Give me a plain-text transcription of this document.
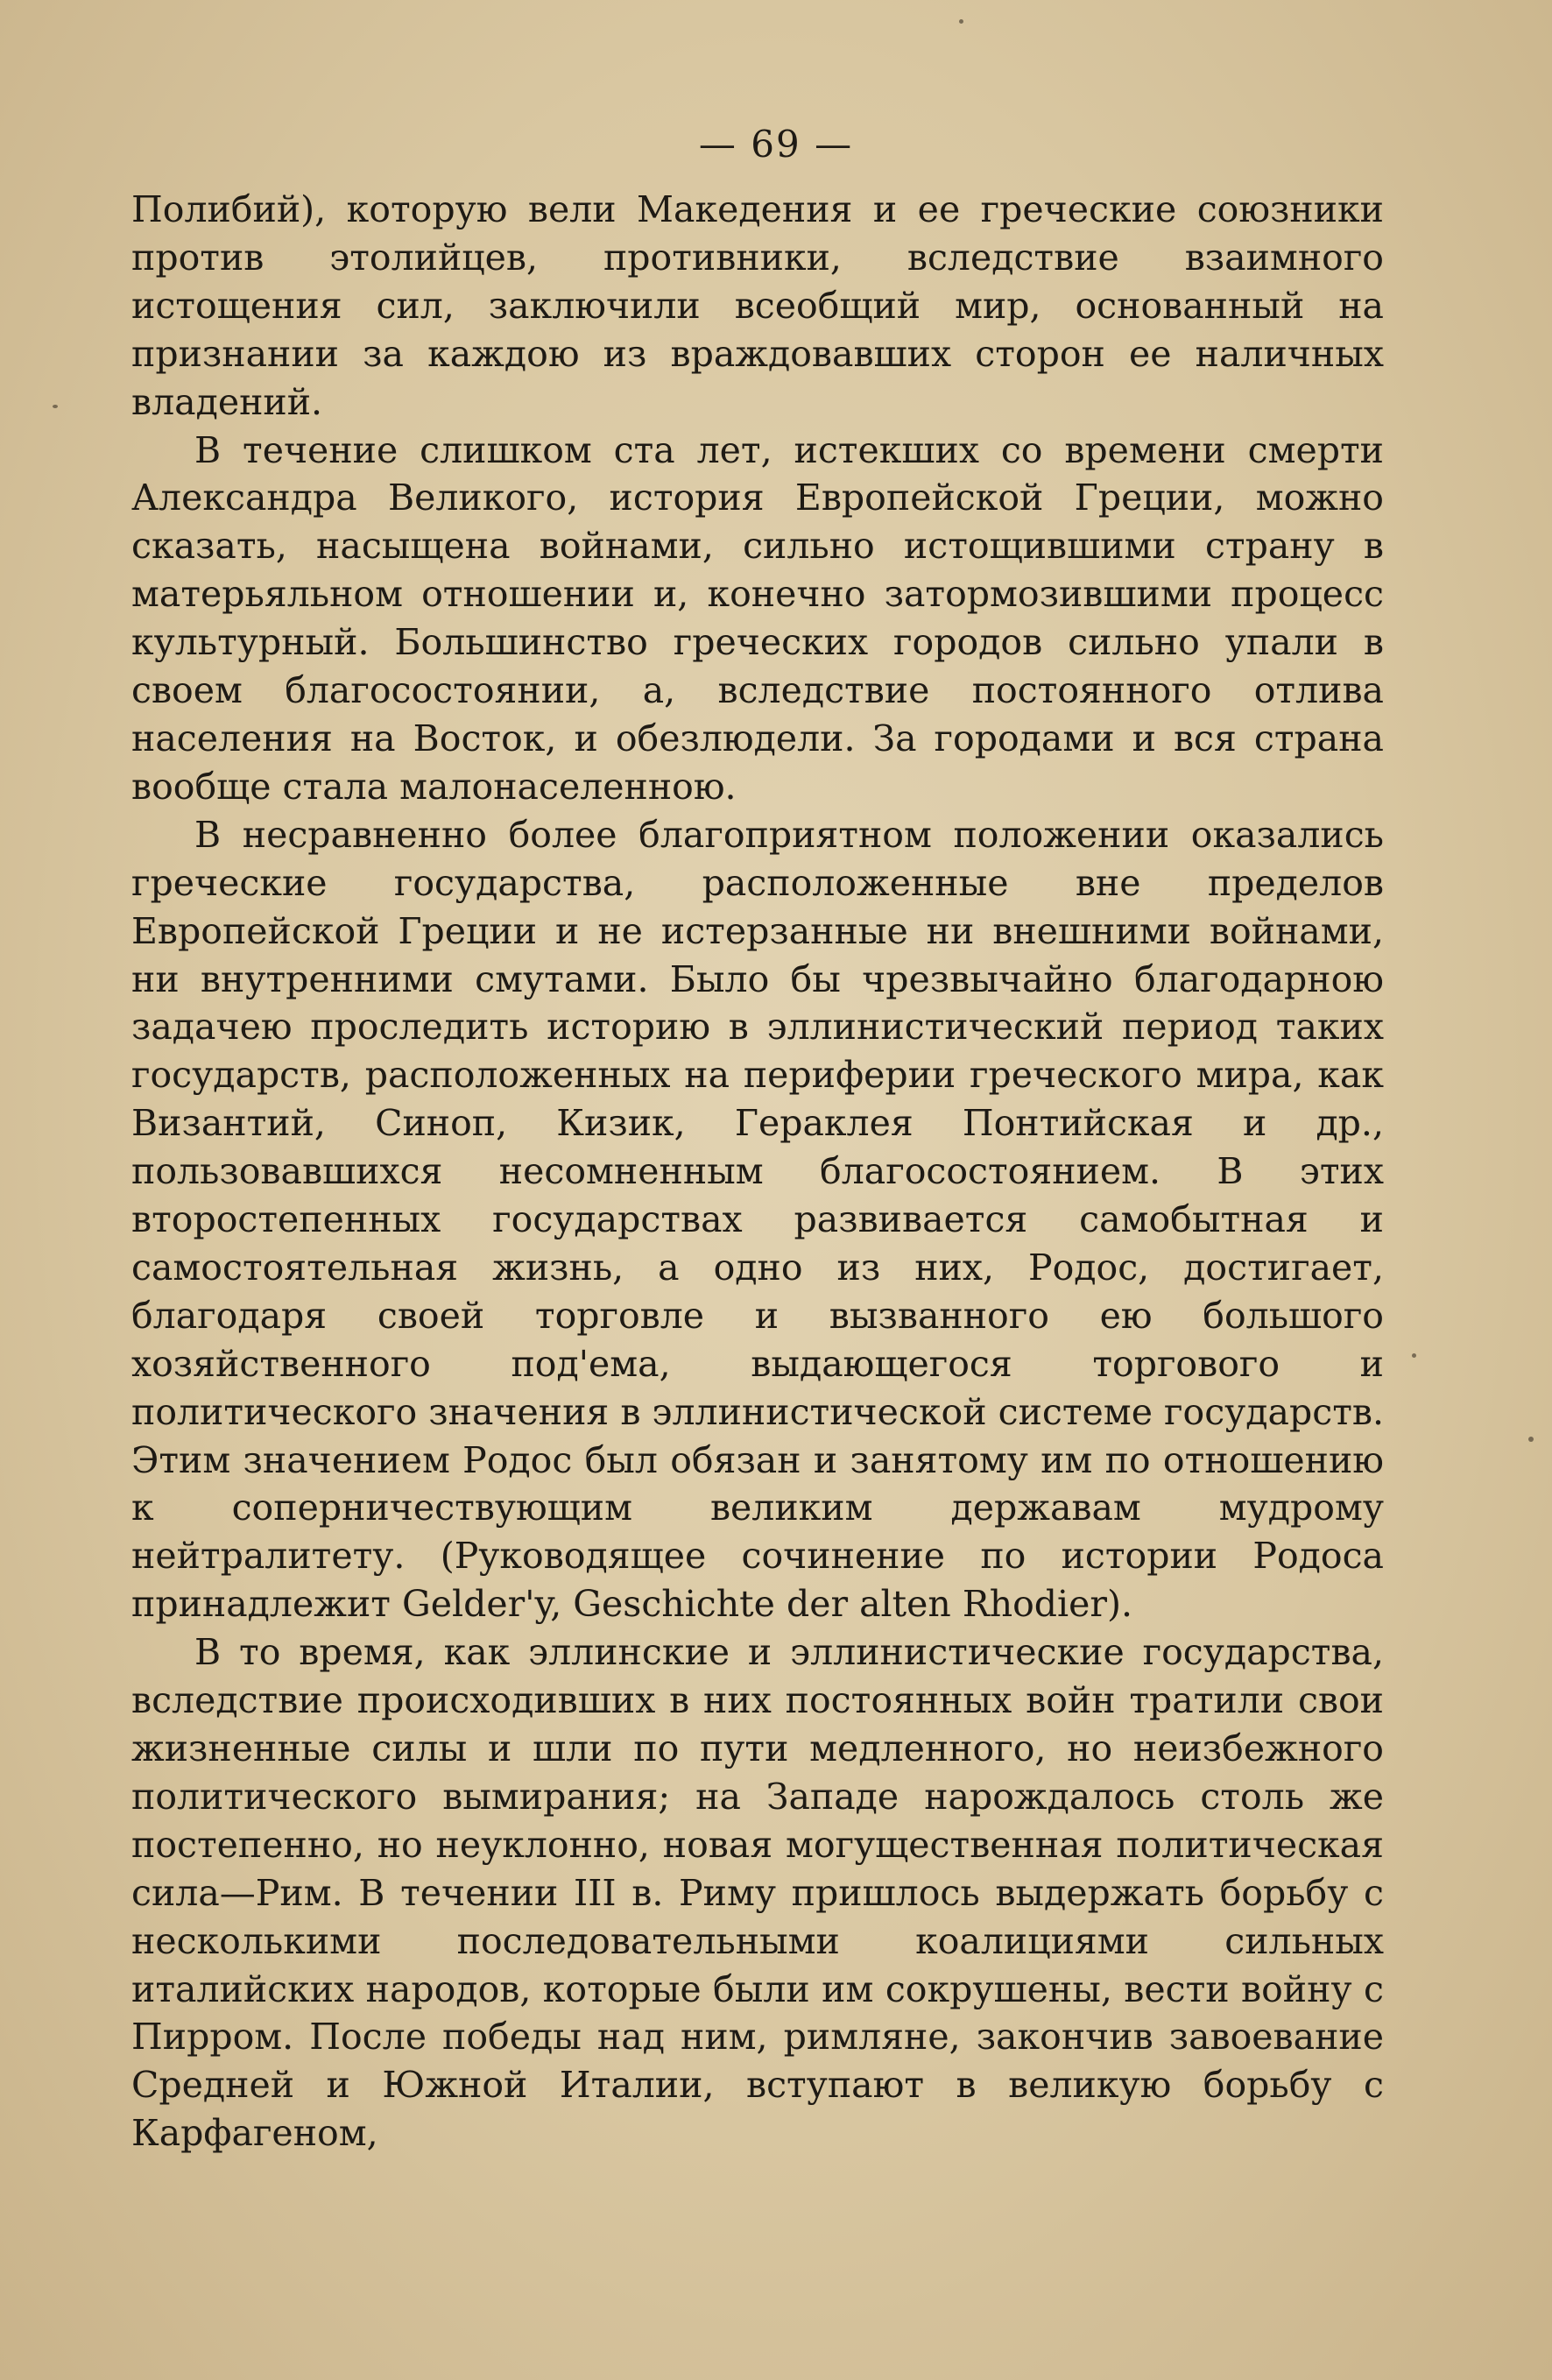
— 69 —

Полибий), которую вели Македения и ее греческие союзники против этолийцев, противники, вследствие взаимного истощения сил, заключили всеобщий мир, основанный на признании за каждою из враждовавших сторон ее наличных владений.

В течение слишком ста лет, истекших со времени смерти Александра Великого, история Европейской Греции, можно сказать, насыщена войнами, сильно истощившими страну в матерьяльном отношении и, конечно затормозившими процесс культурный. Большинство греческих городов сильно упали в своем благосостоянии, а, вследствие постоянного отлива населения на Восток, и обезлюдели. За городами и вся страна вообще стала малонаселенною.

В несравненно более благоприятном положении оказались греческие государства, расположенные вне пределов Европейской Греции и не истерзанные ни внешними войнами, ни внутренними смутами. Было бы чрезвычайно благодарною задачею проследить историю в эллинистический период таких государств, расположенных на периферии греческого мира, как Византий, Синоп, Кизик, Гераклея Понтийская и др., пользовавшихся несомненным благосостоянием. В этих второстепенных государствах развивается самобытная и самостоятельная жизнь, а одно из них, Родос, достигает, благодаря своей торговле и вызванного ею большого хозяйственного под'ема, выдающегося торгового и политического значения в эллинистической системе государств. Этим значением Родос был обязан и занятому им по отношению к соперничествующим великим державам мудрому нейтралитету. (Руководящее сочинение по истории Родоса принадлежит Gelder'y, Geschichte der alten Rhodier).

В то время, как эллинские и эллинистические государства, вследствие происходивших в них постоянных войн тратили свои жизненные силы и шли по пути медленного, но неизбежного политического вымирания; на Западе нарождалось столь же постепенно, но неуклонно, новая могущественная политическая сила—Рим. В течении III в. Риму пришлось выдержать борьбу с несколькими последовательными коалициями сильных италийских народов, которые были им сокрушены, вести войну с Пирром. После победы над ним, римляне, закончив завоевание Средней и Южной Италии, вступают в великую борьбу с Карфагеном,
